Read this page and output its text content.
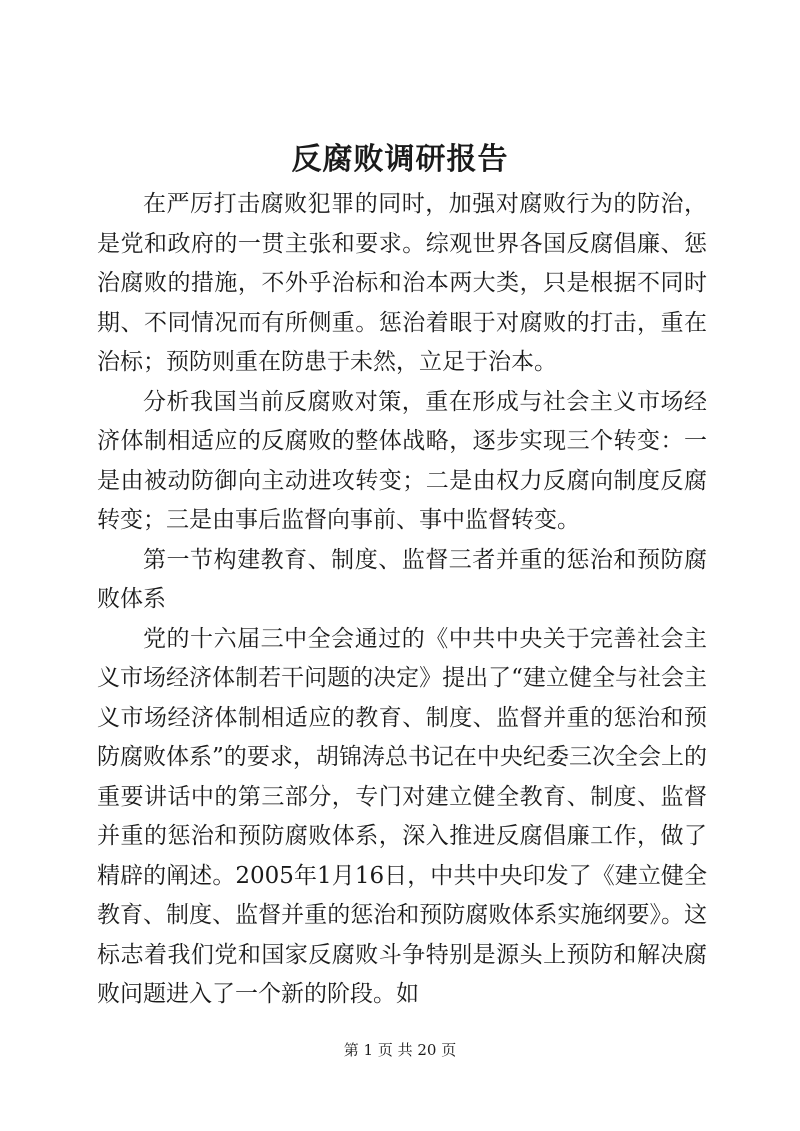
反腐败调研报告

在严厉打击腐败犯罪的同时，加强对腐败行为的防治，是党和政府的一贯主张和要求。综观世界各国反腐倡廉、惩治腐败的措施，不外乎治标和治本两大类，只是根据不同时期、不同情况而有所侧重。惩治着眼于对腐败的打击，重在治标；预防则重在防患于未然，立足于治本。

分析我国当前反腐败对策，重在形成与社会主义市场经济体制相适应的反腐败的整体战略，逐步实现三个转变：一是由被动防御向主动进攻转变；二是由权力反腐向制度反腐转变；三是由事后监督向事前、事中监督转变。

第一节构建教育、制度、监督三者并重的惩治和预防腐败体系

党的十六届三中全会通过的《中共中央关于完善社会主义市场经济体制若干问题的决定》提出了“建立健全与社会主义市场经济体制相适应的教育、制度、监督并重的惩治和预防腐败体系”的要求，胡锦涛总书记在中央纪委三次全会上的重要讲话中的第三部分，专门对建立健全教育、制度、监督并重的惩治和预防腐败体系，深入推进反腐倡廉工作，做了精辟的阐述。2005年1月16日，中共中央印发了《建立健全教育、制度、监督并重的惩治和预防腐败体系实施纲要》。这标志着我们党和国家反腐败斗争特别是源头上预防和解决腐败问题进入了一个新的阶段。如

第 1 页 共 20 页
